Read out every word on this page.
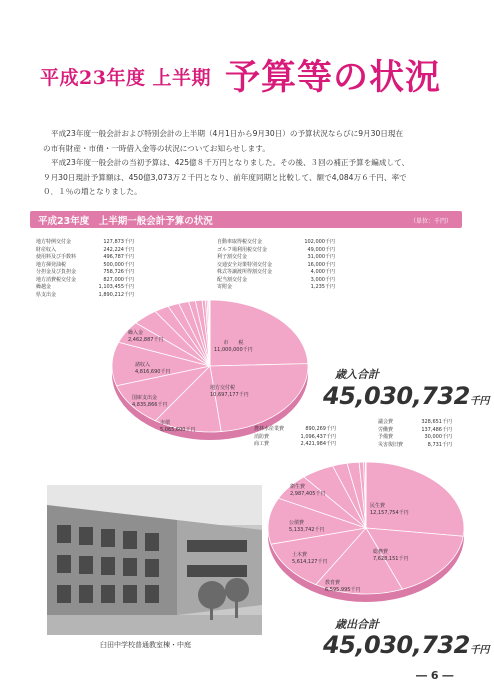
平成23年度 上半期 予算等の状況

平成23年度一般会計および特別会計の上半期（4月1日から9月30日）の予算状況ならびに9月30日現在

の市有財産・市債・一時借入金等の状況についてお知らせします。

平成23年度一般会計の当初予算は、425億８千万円となりました。その後、３回の補正予算を編成して、

９月30日現計予算額は、450億3,073万２千円となり、前年度同期と比較して、額で4,084万６千円、率で

０．１％の増となりました。

平成23年度　上半期一般会計予算の状況	（単位：千円）
地方特例交付金	127,873千円
財産収入	242,224千円
使用料及び手数料	496,787千円
地方揮発油税	500,000千円
分担金及び負担金	758,726千円
地方消費税交付金	827,000千円
繰越金	1,103,455千円
県支出金	1,890,212千円
自動車取得税交付金	102,000千円
ゴルフ場利用税交付金	49,000千円
利子割交付金	31,000千円
交通安全対策特別交付金	16,000千円
株式等譲渡所得割交付金	4,000千円
配当割交付金	3,000千円
寄附金	1,235千円
繰入金
2,462,887千円
諸収入
4,816,690千円
国庫支出金
4,835,866千円
市債
5,065,600千円
市　　税
11,000,000千円
地方交付税
10,697,177千円
歳入合計
45,030,732千円
農林水産業費	890,269千円
消防費	1,096,437千円
商工費	2,421,984千円
議会費	328,651千円
労働費	137,486千円
予備費	30,000千円
災害復旧費	8,731千円
衛生費
2,987,405千円
民生費
12,157,754千円
公債費
5,133,742千円
土木費
5,614,127千円
総務費
7,628,151千円
教育費
6,595,995千円
歳出合計
45,030,732千円
臼田中学校普通教室棟・中庭
― 6 ―
